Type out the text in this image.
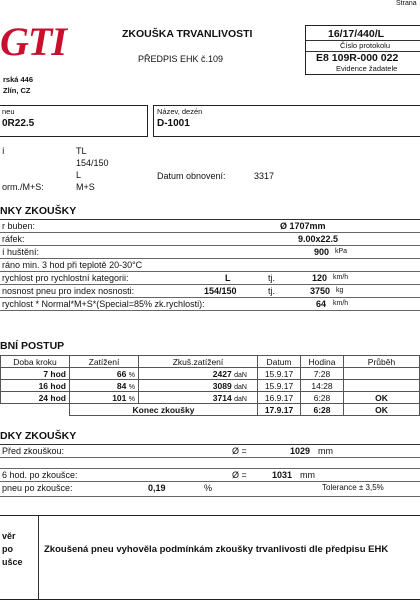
Strana
GTI	ZKOUŠKA TRVANLIVOSTI
PŘEDPIS EHK č.109
16/17/440/L
Číslo protokolu
E8 109R-000 022
Evidence žadatele
rská 446
Zlín, CZ
neu
0R22.5
Název, dezén
D-1001
í	TL
154/150
L	Datum obnovení:	3317
orm./M+S:	M+S
NKY ZKOUŠKY
r buben:	Ø 1707mm
ráfek:	9.00x22.5
í huštění:	900 kPa
ráno min. 3 hod při teplotě 20-30°C
rychlost pro rychlostní kategorii:	L	tj.	120 km/h
nosnost pneu pro index nosnosti:	154/150	tj.	3750 kg
rychlost * Normal*M+S*(Special=85% zk.rychlosti):	64 km/h
BNÍ POSTUP
Doba kroku	Zatížení	Zkuš.zatížení	Datum	Hodina	Průběh
7 hod	66 %	2427 daN	15.9.17	7:28	
16 hod	84 %	3089 daN	15.9.17	14:28	
24 hod	101 %	3714 daN	16.9.17	6:28	OK
	Konec zkoušky		17.9.17	6:28	OK
DKY ZKOUŠKY
Před zkouškou:	Ø =	1029 mm
6 hod. po zkoušce:	Ø =	1031 mm
pneu po zkoušce:	0,19	%	Tolerance ± 3,5%
věr
po
ušce
Zkoušená pneu vyhověla podmínkám zkoušky trvanlivosti dle předpisu EHK
